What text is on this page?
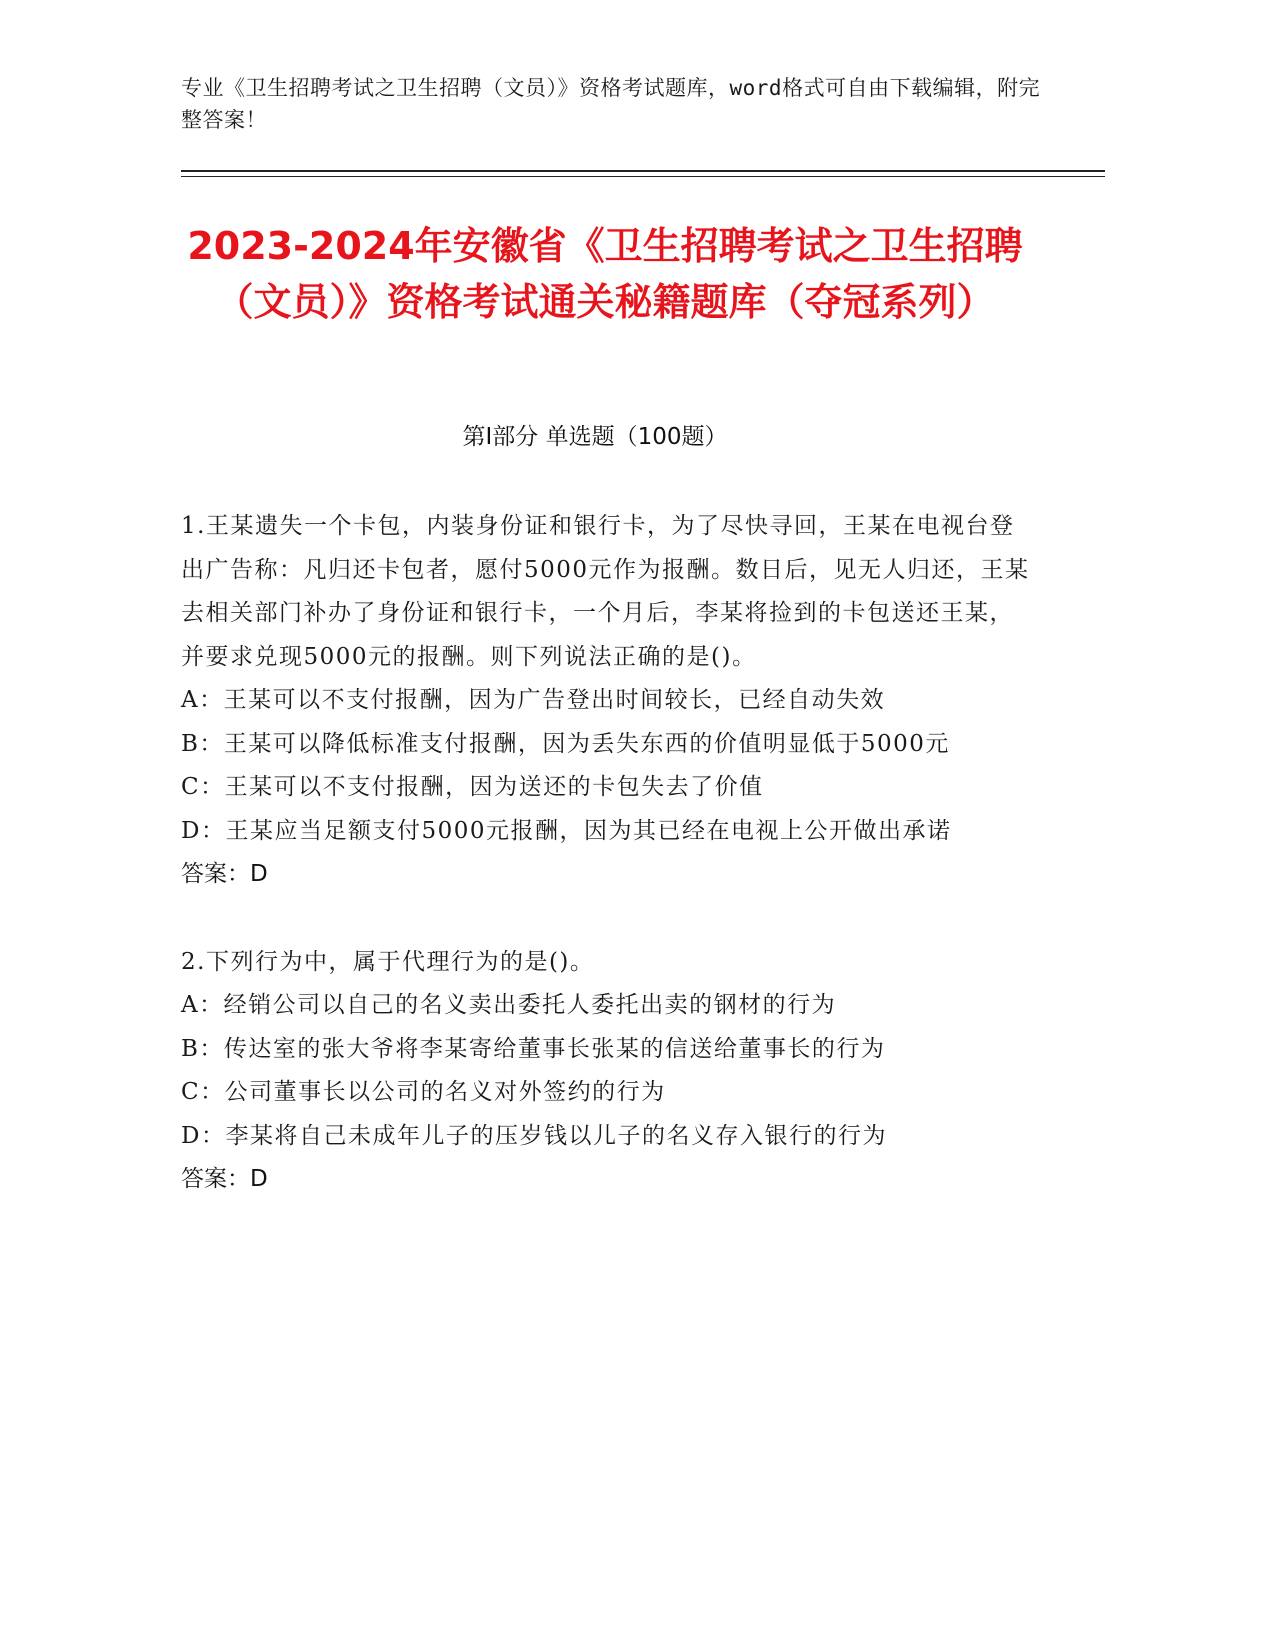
专业《卫生招聘考试之卫生招聘（文员）》资格考试题库，word格式可自由下载编辑，附完整答案！
2023-2024年安徽省《卫生招聘考试之卫生招聘（文员）》资格考试通关秘籍题库（夺冠系列）
第Ⅰ部分 单选题（100题）

1.王某遗失一个卡包，内装身份证和银行卡，为了尽快寻回，王某在电视台登出广告称：凡归还卡包者，愿付5000元作为报酬。数日后，见无人归还，王某去相关部门补办了身份证和银行卡，一个月后，李某将捡到的卡包送还王某，并要求兑现5000元的报酬。则下列说法正确的是()。

A：王某可以不支付报酬，因为广告登出时间较长，已经自动失效

B：王某可以降低标准支付报酬，因为丢失东西的价值明显低于5000元

C：王某可以不支付报酬，因为送还的卡包失去了价值

D：王某应当足额支付5000元报酬，因为其已经在电视上公开做出承诺

答案：D

2.下列行为中，属于代理行为的是()。

A：经销公司以自己的名义卖出委托人委托出卖的钢材的行为

B：传达室的张大爷将李某寄给董事长张某的信送给董事长的行为

C：公司董事长以公司的名义对外签约的行为

D：李某将自己未成年儿子的压岁钱以儿子的名义存入银行的行为

答案：D
